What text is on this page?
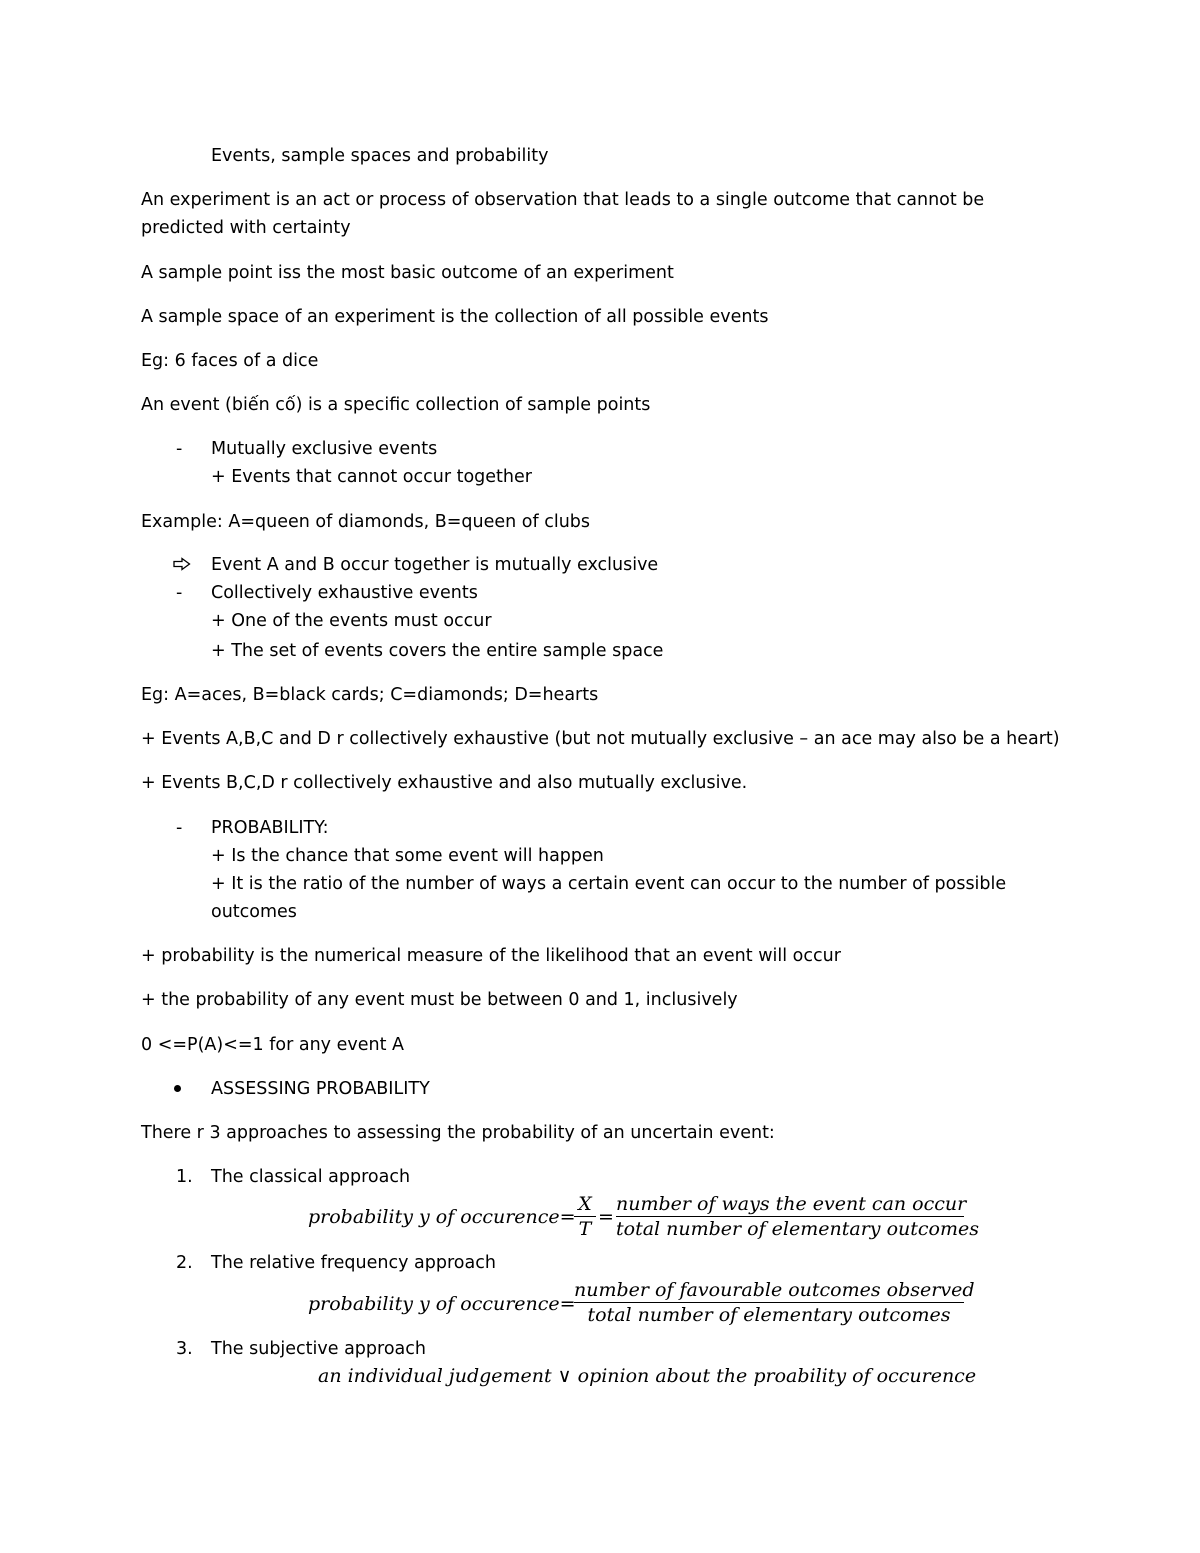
Events, sample spaces and probability
An experiment is an act or process of observation that leads to a single outcome that cannot be
predicted with certainty
A sample point iss the most basic outcome of an experiment
A sample space of an experiment is the collection of all possible events
Eg: 6 faces of a dice
An event (biến cố) is a specific collection of sample points
- Mutually exclusive events
+ Events that cannot occur together
Example: A=queen of diamonds, B=queen of clubs
Event A and B occur together is mutually exclusive
- Collectively exhaustive events
+ One of the events must occur
+ The set of events covers the entire sample space
Eg: A=aces, B=black cards; C=diamonds; D=hearts
+ Events A,B,C and D r collectively exhaustive (but not mutually exclusive – an ace may also be a heart)
+ Events B,C,D r collectively exhaustive and also mutually exclusive.
- PROBABILITY:
+ Is the chance that some event will happen
+ It is the ratio of the number of ways a certain event can occur to the number of possible
outcomes
+ probability is the numerical measure of the likelihood that an event will occur
+ the probability of any event must be between 0 and 1, inclusively
0 <=P(A)<=1 for any event A
ASSESSING PROBABILITY
There r 3 approaches to assessing the probability of an uncertain event:
1. The classical approach
probability y of occurence=
X
T
=
number of ways the event can occur
total number of elementary outcomes
2. The relative frequency approach
probability y of occurence=
number of favourable outcomes observed
total number of elementary outcomes
3. The subjective approach
an individual judgement ∨ opinion about the proability of occurence
